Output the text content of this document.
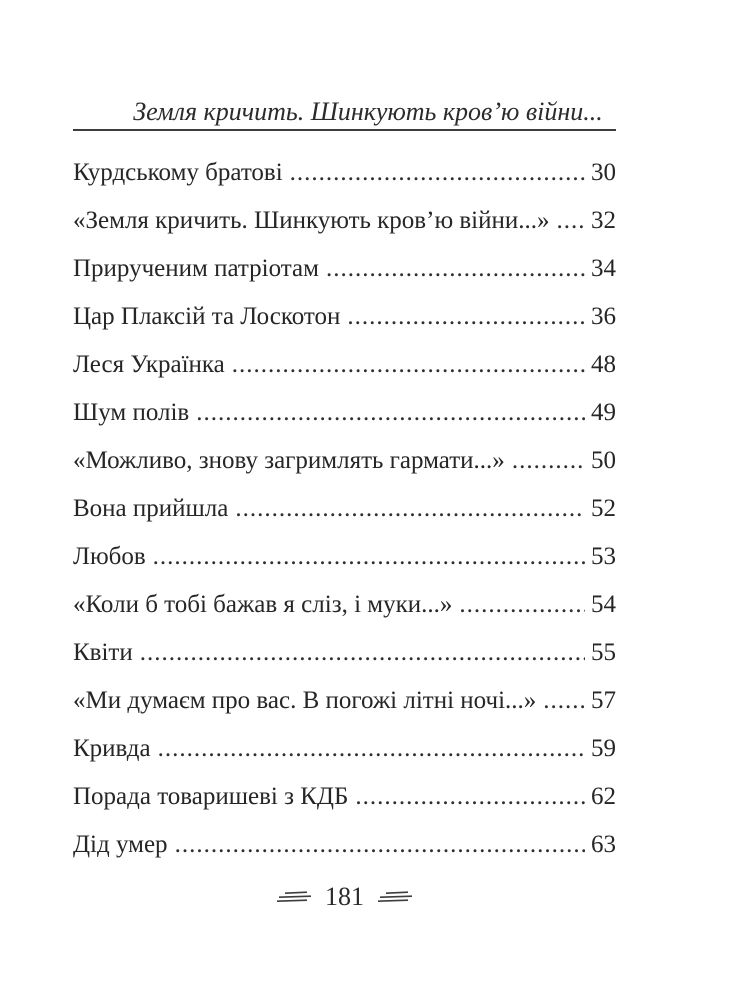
Земля кричить. Шинкують кров’ю війни...
Курдському братові .....	30
«Земля кричить. Шинкують кров’ю війни...» ..... 32
Прирученим патріотам .....	34
Цар Плаксій та Лоскотон .....	36
Леся Українка .....	48
Шум полів .....	49
«Можливо, знову загримлять гармати...» .....	50
Вона прийшла .....	52
Любов .....	53
«Коли б тобі бажав я сліз, і муки...» .....	54
Квіти .....	55
«Ми думаєм про вас. В погожі літні ночі...» ..... 57
Кривда .....	59
Порада товаришеві з КДБ .....	62
Дід умер .....	63
181
